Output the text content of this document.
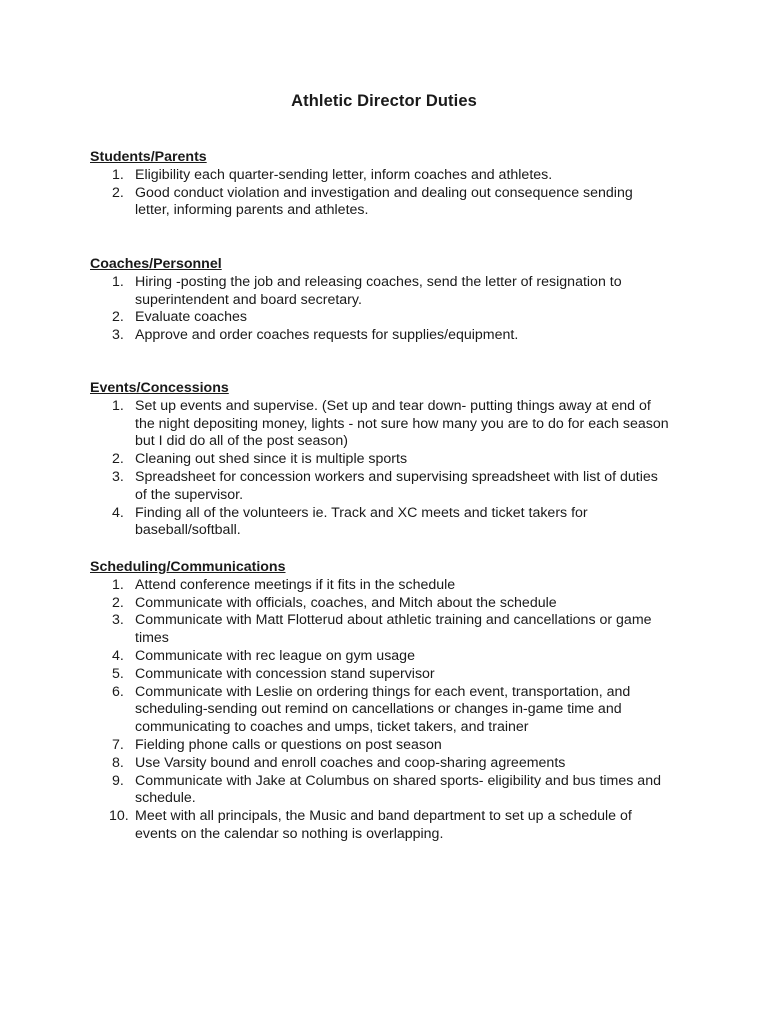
Athletic Director Duties
Students/Parents
1. Eligibility each quarter-sending letter, inform coaches and athletes.
2. Good conduct violation and investigation and dealing out consequence sending letter, informing parents and athletes.
Coaches/Personnel
1. Hiring -posting the job and releasing coaches, send the letter of resignation to superintendent and board secretary.
2. Evaluate coaches
3. Approve and order coaches requests for supplies/equipment.
Events/Concessions
1. Set up events and supervise. (Set up and tear down- putting things away at end of the night depositing money, lights - not sure how many you are to do for each season but I did do all of the post season)
2. Cleaning out shed since it is multiple sports
3. Spreadsheet for concession workers and supervising spreadsheet with list of duties of the supervisor.
4. Finding all of the volunteers ie. Track and XC meets and ticket takers for baseball/softball.
Scheduling/Communications
1. Attend conference meetings if it fits in the schedule
2. Communicate with officials, coaches, and Mitch about the schedule
3. Communicate with Matt Flotterud about athletic training and cancellations or game times
4. Communicate with rec league on gym usage
5. Communicate with concession stand supervisor
6. Communicate with Leslie on ordering things for each event, transportation, and scheduling-sending out remind on cancellations or changes in-game time and communicating to coaches and umps, ticket takers, and trainer
7. Fielding phone calls or questions on post season
8. Use Varsity bound and enroll coaches and coop-sharing agreements
9. Communicate with Jake at Columbus on shared sports- eligibility and bus times and schedule.
10. Meet with all principals, the Music and band department to set up a schedule of events on the calendar so nothing is overlapping.
